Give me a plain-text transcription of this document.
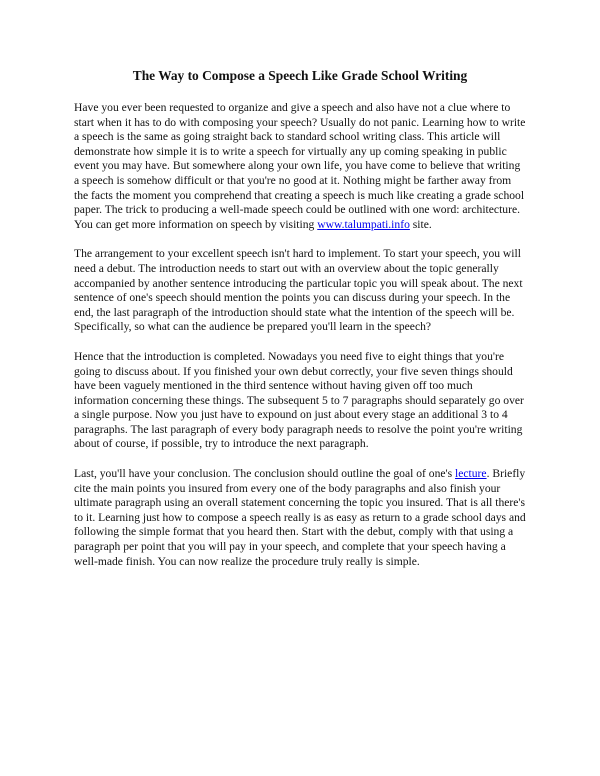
The Way to Compose a Speech Like Grade School Writing

Have you ever been requested to organize and give a speech and also have not a clue where to start when it has to do with composing your speech? Usually do not panic. Learning how to write a speech is the same as going straight back to standard school writing class. This article will demonstrate how simple it is to write a speech for virtually any up coming speaking in public event you may have. But somewhere along your own life, you have come to believe that writing a speech is somehow difficult or that you're no good at it. Nothing might be farther away from the facts the moment you comprehend that creating a speech is much like creating a grade school paper. The trick to producing a well-made speech could be outlined with one word: architecture. You can get more information on speech by visiting www.talumpati.info site.

The arrangement to your excellent speech isn't hard to implement. To start your speech, you will need a debut. The introduction needs to start out with an overview about the topic generally accompanied by another sentence introducing the particular topic you will speak about. The next sentence of one's speech should mention the points you can discuss during your speech. In the end, the last paragraph of the introduction should state what the intention of the speech will be. Specifically, so what can the audience be prepared you'll learn in the speech?

Hence that the introduction is completed. Nowadays you need five to eight things that you're going to discuss about. If you finished your own debut correctly, your five seven things should have been vaguely mentioned in the third sentence without having given off too much information concerning these things. The subsequent 5 to 7 paragraphs should separately go over a single purpose. Now you just have to expound on just about every stage an additional 3 to 4 paragraphs. The last paragraph of every body paragraph needs to resolve the point you're writing about of course, if possible, try to introduce the next paragraph.

Last, you'll have your conclusion. The conclusion should outline the goal of one's lecture. Briefly cite the main points you insured from every one of the body paragraphs and also finish your ultimate paragraph using an overall statement concerning the topic you insured. That is all there's to it. Learning just how to compose a speech really is as easy as return to a grade school days and following the simple format that you heard then. Start with the debut, comply with that using a paragraph per point that you will pay in your speech, and complete that your speech having a well-made finish. You can now realize the procedure truly really is simple.
